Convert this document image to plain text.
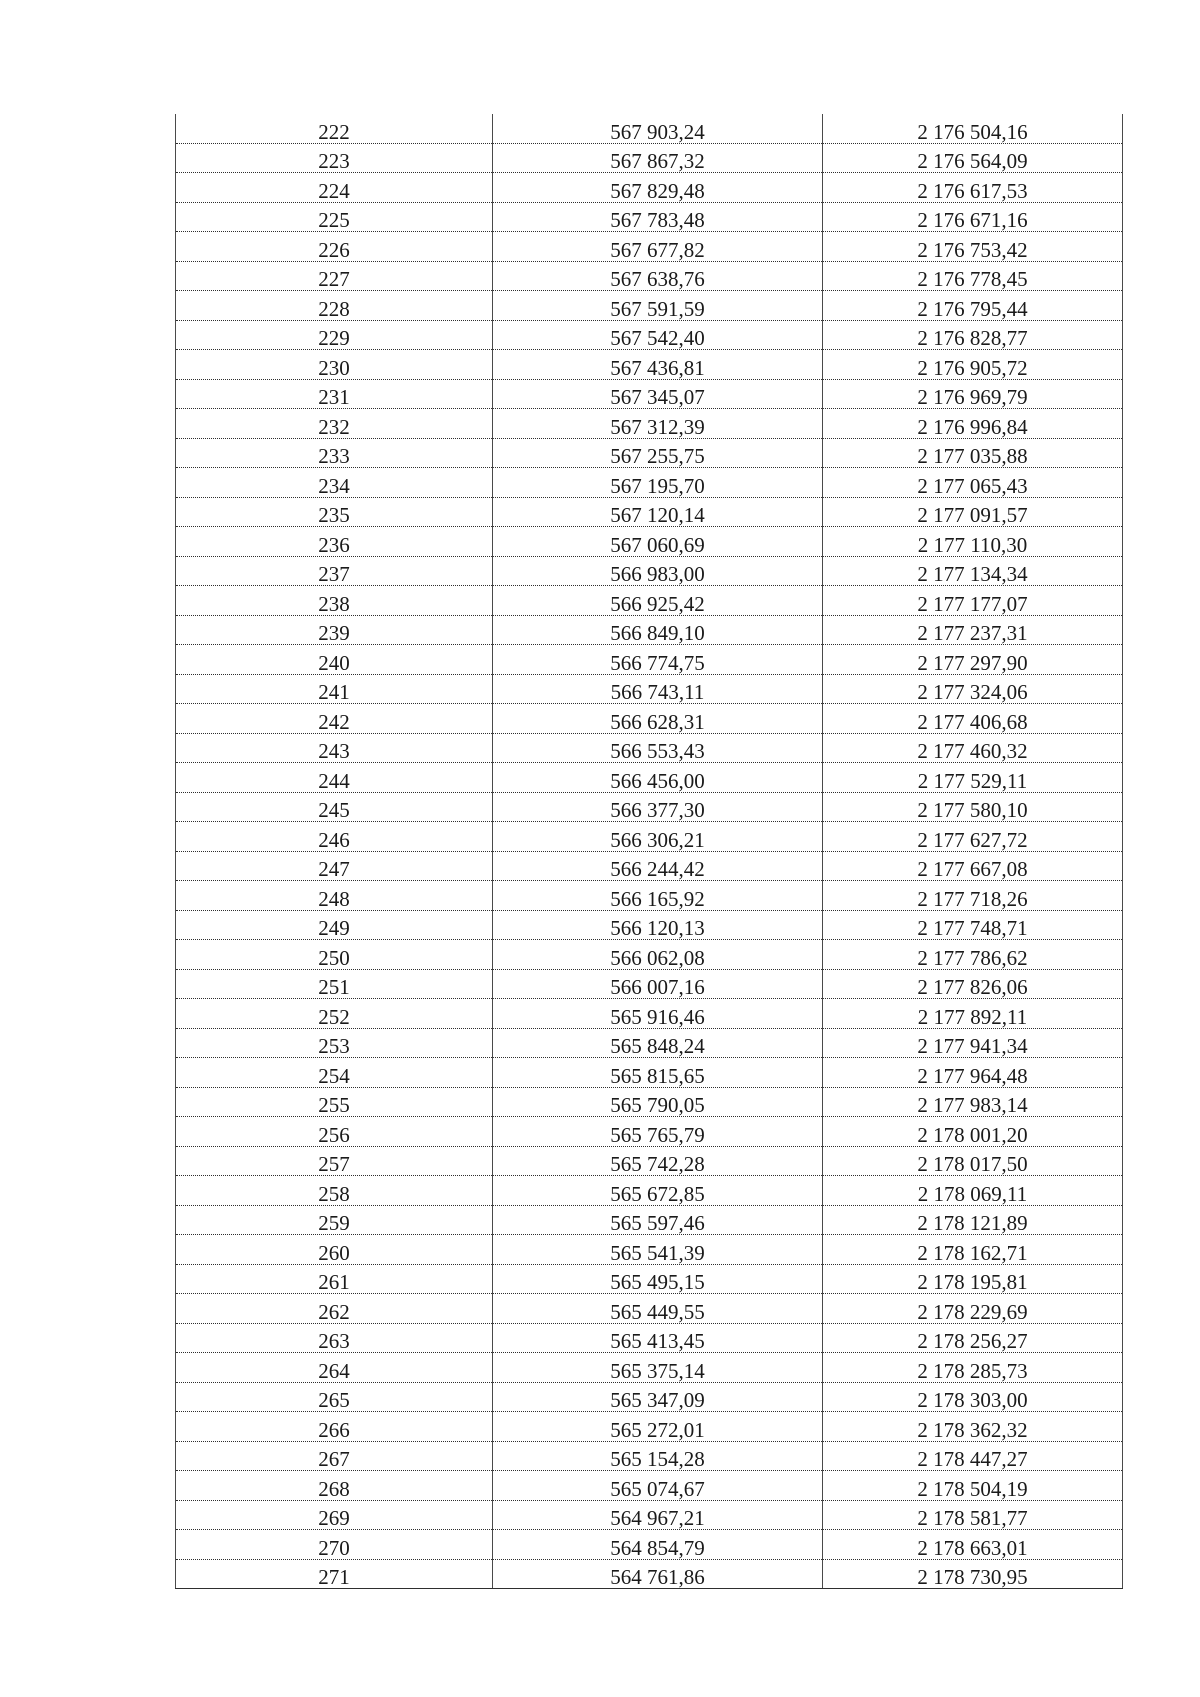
222	567 903,24	2 176 504,16
223	567 867,32	2 176 564,09
224	567 829,48	2 176 617,53
225	567 783,48	2 176 671,16
226	567 677,82	2 176 753,42
227	567 638,76	2 176 778,45
228	567 591,59	2 176 795,44
229	567 542,40	2 176 828,77
230	567 436,81	2 176 905,72
231	567 345,07	2 176 969,79
232	567 312,39	2 176 996,84
233	567 255,75	2 177 035,88
234	567 195,70	2 177 065,43
235	567 120,14	2 177 091,57
236	567 060,69	2 177 110,30
237	566 983,00	2 177 134,34
238	566 925,42	2 177 177,07
239	566 849,10	2 177 237,31
240	566 774,75	2 177 297,90
241	566 743,11	2 177 324,06
242	566 628,31	2 177 406,68
243	566 553,43	2 177 460,32
244	566 456,00	2 177 529,11
245	566 377,30	2 177 580,10
246	566 306,21	2 177 627,72
247	566 244,42	2 177 667,08
248	566 165,92	2 177 718,26
249	566 120,13	2 177 748,71
250	566 062,08	2 177 786,62
251	566 007,16	2 177 826,06
252	565 916,46	2 177 892,11
253	565 848,24	2 177 941,34
254	565 815,65	2 177 964,48
255	565 790,05	2 177 983,14
256	565 765,79	2 178 001,20
257	565 742,28	2 178 017,50
258	565 672,85	2 178 069,11
259	565 597,46	2 178 121,89
260	565 541,39	2 178 162,71
261	565 495,15	2 178 195,81
262	565 449,55	2 178 229,69
263	565 413,45	2 178 256,27
264	565 375,14	2 178 285,73
265	565 347,09	2 178 303,00
266	565 272,01	2 178 362,32
267	565 154,28	2 178 447,27
268	565 074,67	2 178 504,19
269	564 967,21	2 178 581,77
270	564 854,79	2 178 663,01
271	564 761,86	2 178 730,95
